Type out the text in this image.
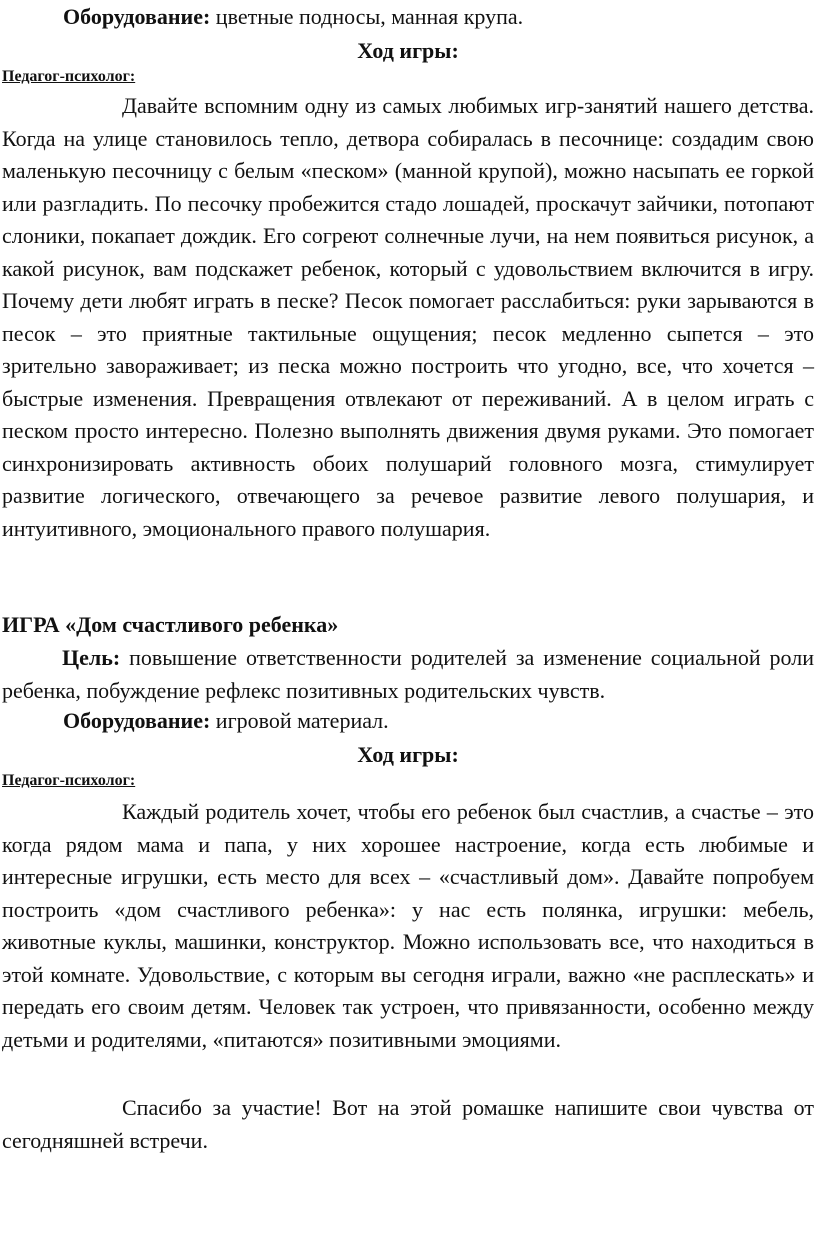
Оборудование: цветные подносы, манная крупа.
Ход игры:
Педагог-психолог:

Давайте вспомним одну из самых любимых игр-занятий нашего детства. Когда на улице становилось тепло, детвора собиралась в песочнице: создадим свою маленькую песочницу с белым «песком» (манной крупой), можно насыпать ее горкой или разгладить. По песочку пробежится стадо лошадей, проскачут зайчики, потопают слоники, покапает дождик. Его согреют солнечные лучи, на нем появиться рисунок, а какой рисунок, вам подскажет ребенок, который с удовольствием включится в игру. Почему дети любят играть в песке? Песок помогает расслабиться: руки зарываются в песок – это приятные тактильные ощущения; песок медленно сыпется – это зрительно завораживает; из песка можно построить что угодно, все, что хочется – быстрые изменения. Превращения отвлекают от переживаний. А в целом играть с песком просто интересно. Полезно выполнять движения двумя руками. Это помогает синхронизировать активность обоих полушарий головного мозга, стимулирует развитие логического, отвечающего за речевое развитие левого полушария, и интуитивного, эмоционального правого полушария.

ИГРА «Дом счастливого ребенка»

Цель: повышение ответственности родителей за изменение социальной роли ребенка, побуждение рефлекс позитивных родительских чувств.

Оборудование: игровой материал.
Ход игры:
Педагог-психолог:

Каждый родитель хочет, чтобы его ребенок был счастлив, а счастье – это когда рядом мама и папа, у них хорошее настроение, когда есть любимые и интересные игрушки, есть место для всех – «счастливый дом». Давайте попробуем построить «дом счастливого ребенка»: у нас есть полянка, игрушки: мебель, животные куклы, машинки, конструктор. Можно использовать все, что находиться в этой комнате. Удовольствие, с которым вы сегодня играли, важно «не расплескать» и передать его своим детям. Человек так устроен, что привязанности, особенно между детьми и родителями, «питаются» позитивными эмоциями.

Спасибо за участие! Вот на этой ромашке напишите свои чувства от сегодняшней встречи.
